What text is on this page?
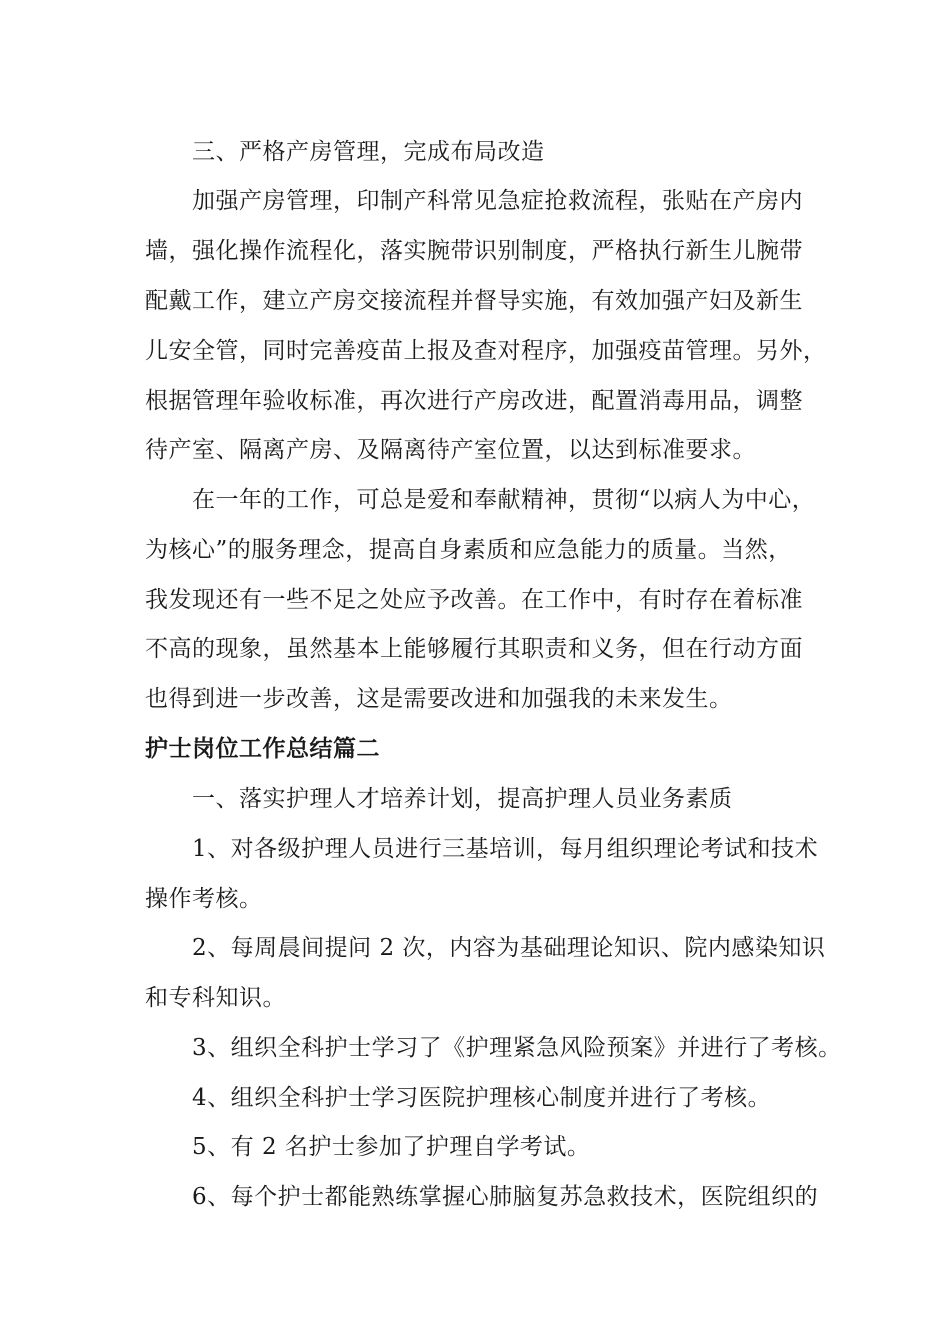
三、严格产房管理，完成布局改造
加强产房管理，印制产科常见急症抢救流程，张贴在产房内
墙，强化操作流程化，落实腕带识别制度，严格执行新生儿腕带
配戴工作，建立产房交接流程并督导实施，有效加强产妇及新生
儿安全管，同时完善疫苗上报及查对程序，加强疫苗管理。另外，
根据管理年验收标准，再次进行产房改进，配置消毒用品，调整
待产室、隔离产房、及隔离待产室位置，以达到标准要求。
在一年的工作，可总是爱和奉献精神，贯彻“以病人为中心，
为核心”的服务理念，提高自身素质和应急能力的质量。当然，
我发现还有一些不足之处应予改善。在工作中，有时存在着标准
不高的现象，虽然基本上能够履行其职责和义务，但在行动方面
也得到进一步改善，这是需要改进和加强我的未来发生。
护士岗位工作总结篇二
一、落实护理人才培养计划，提高护理人员业务素质
1、对各级护理人员进行三基培训，每月组织理论考试和技术
操作考核。
2、每周晨间提问 2 次，内容为基础理论知识、院内感染知识
和专科知识。
3、组织全科护士学习了《护理紧急风险预案》并进行了考核。
4、组织全科护士学习医院护理核心制度并进行了考核。
5、有 2 名护士参加了护理自学考试。
6、每个护士都能熟练掌握心肺脑复苏急救技术，医院组织的
